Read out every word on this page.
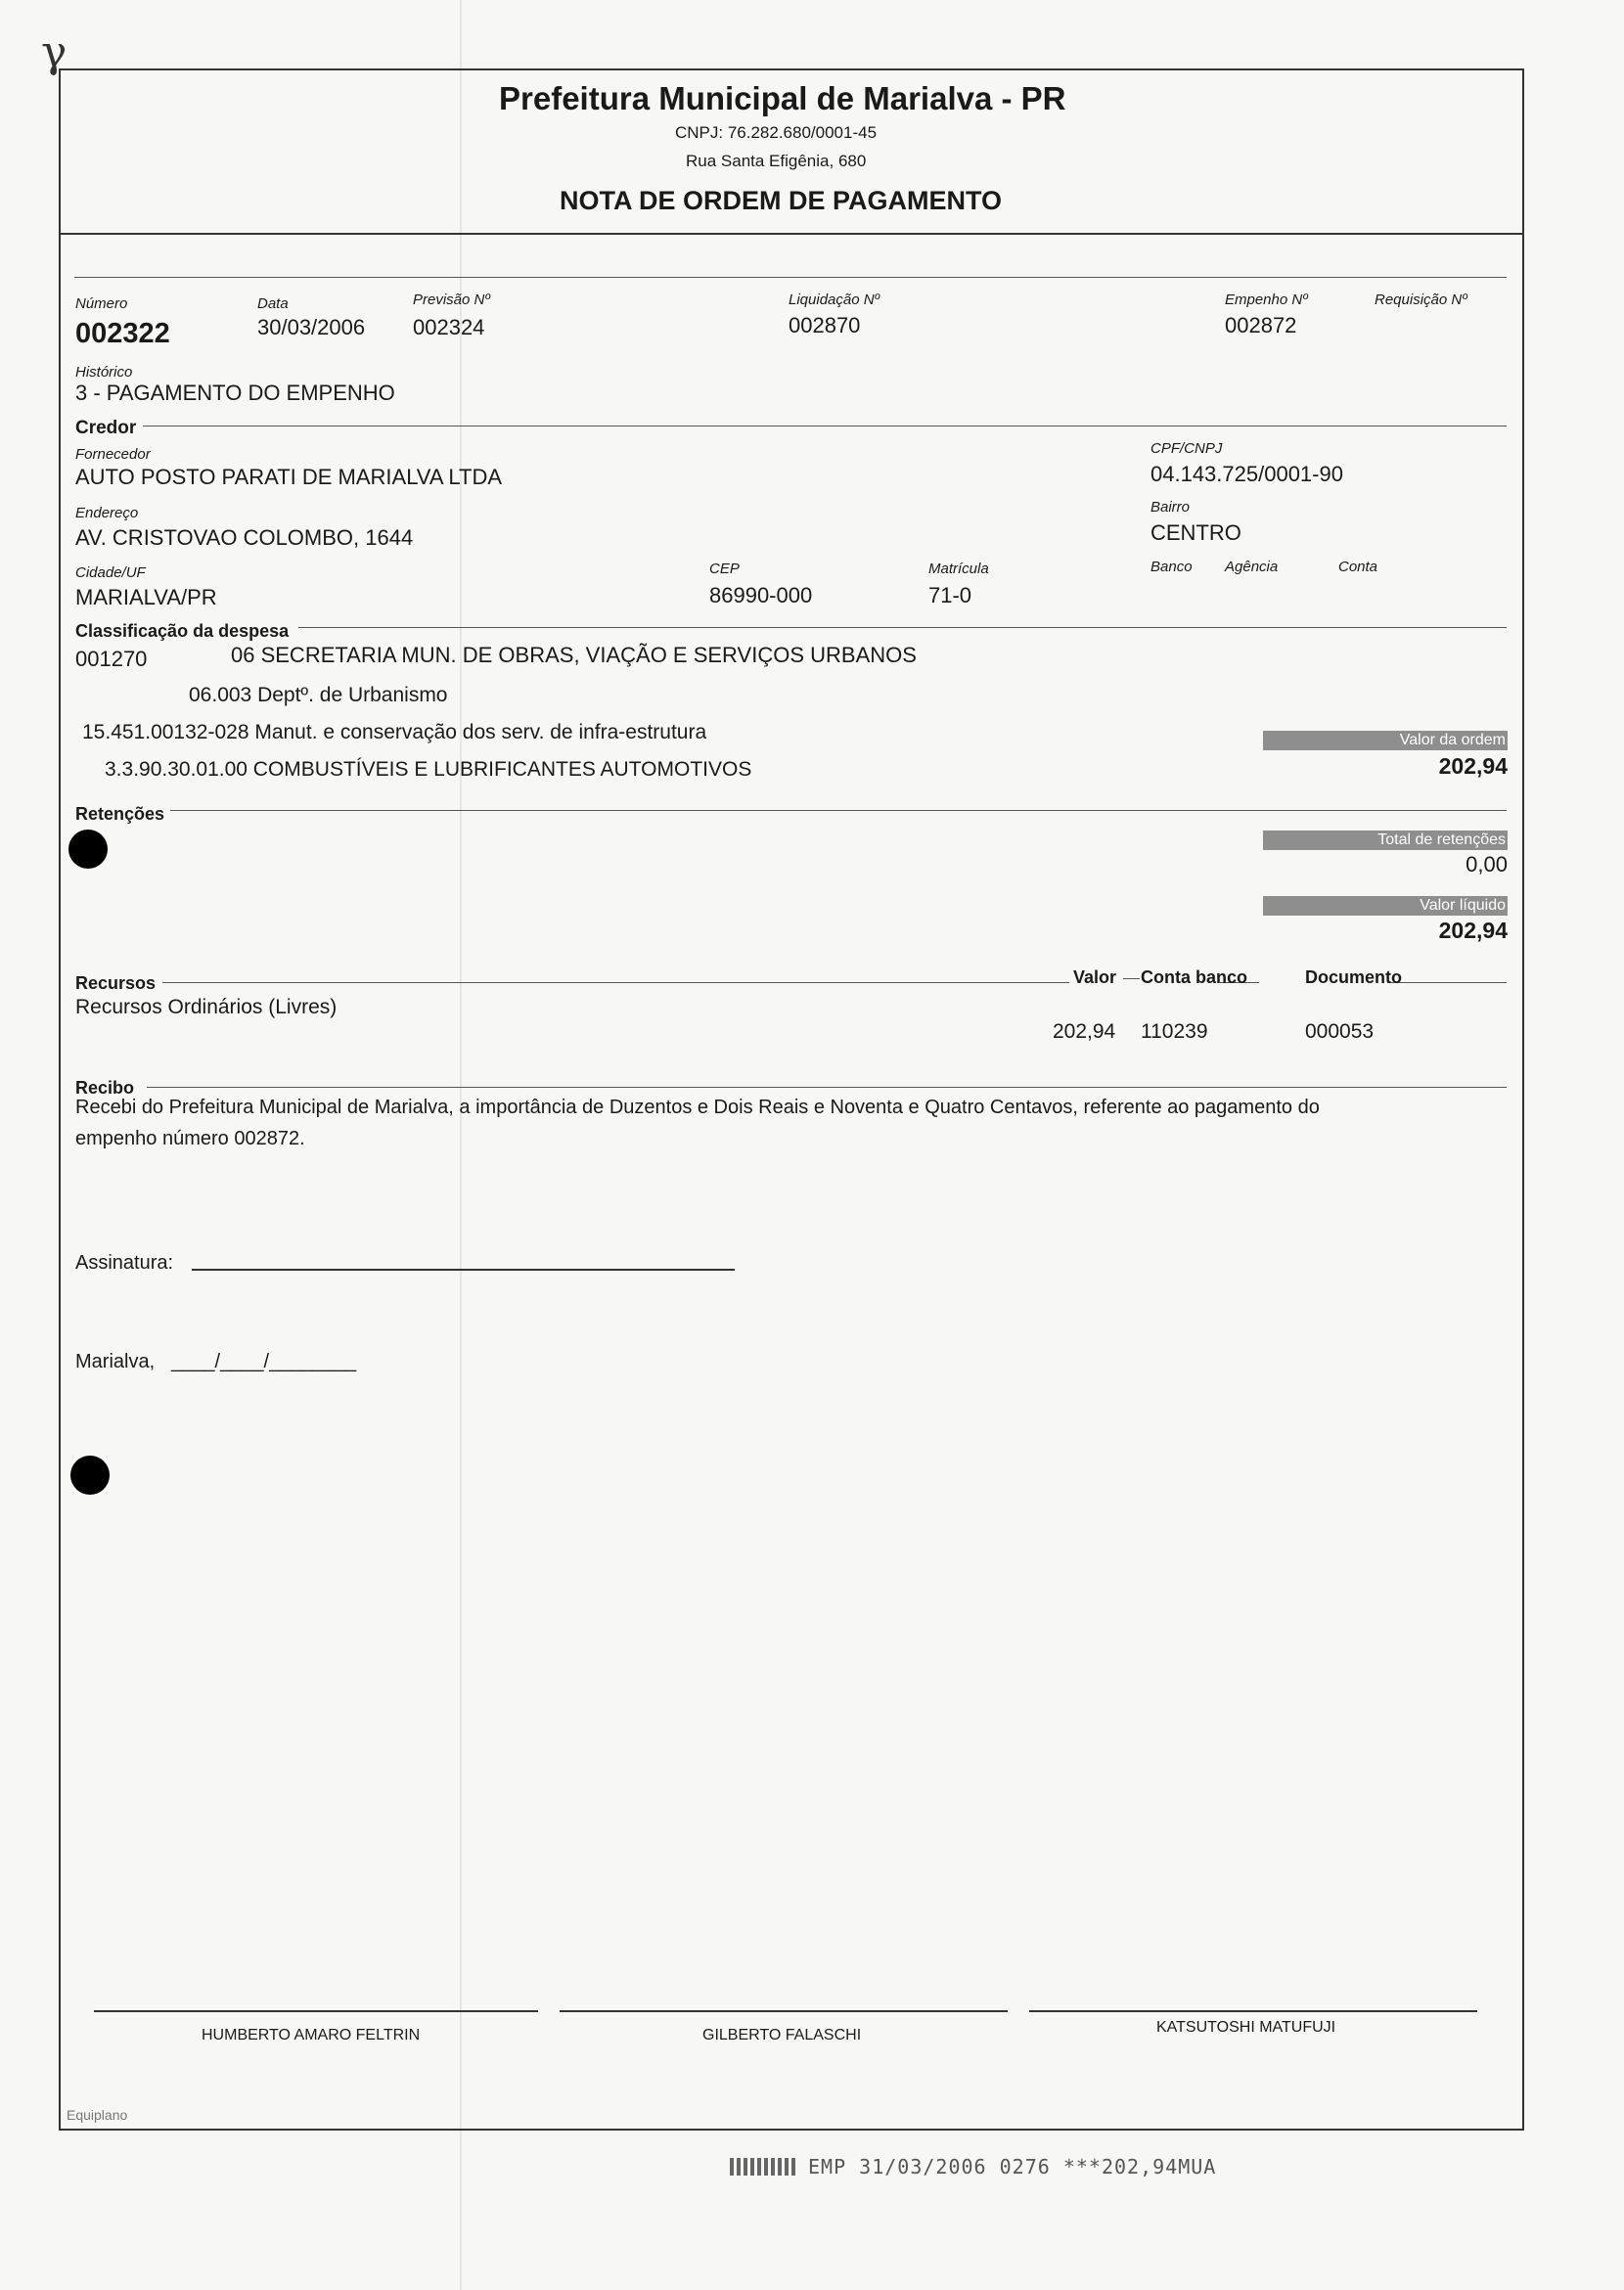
γ
Prefeitura Municipal de Marialva - PR
CNPJ: 76.282.680/0001-45
Rua Santa Efigênia, 680
NOTA DE ORDEM DE PAGAMENTO
Número
002322
Data
30/03/2006
Previsão Nº
002324
Liquidação Nº
002870
Empenho Nº
002872
Requisição Nº
Histórico
3 - PAGAMENTO DO EMPENHO
Credor
Fornecedor
AUTO POSTO PARATI DE MARIALVA LTDA
CPF/CNPJ
04.143.725/0001-90
Endereço
AV. CRISTOVAO COLOMBO, 1644
Bairro
CENTRO
Cidade/UF
MARIALVA/PR
CEP
86990-000
Matrícula
71-0
Banco Agência	Conta
Classificação da despesa
001270	06 SECRETARIA MUN. DE OBRAS, VIAÇÃO E SERVIÇOS URBANOS
06.003 Deptº. de Urbanismo
15.451.00132-028 Manut. e conservação dos serv. de infra-estrutura
3.3.90.30.01.00 COMBUSTÍVEIS E LUBRIFICANTES AUTOMOTIVOS
Valor da ordem
202,94
Total de retenções
0,00
Valor líquido
202,94
Retenções
Recursos	Valor Conta banco	Documento
Recursos Ordinários (Livres)
202,94 110239	000053
Recibo
Recebi do Prefeitura Municipal de Marialva, a importância de Duzentos e Dois Reais e Noventa e Quatro Centavos, referente ao pagamento do
empenho número 002872.
Assinatura:
Marialva, ____/____/________
HUMBERTO AMARO FELTRIN	GILBERTO FALASCHI	KATSUTOSHI MATUFUJI
Equiplano
EMP 31/03/2006 0276 ***202,94MUA
